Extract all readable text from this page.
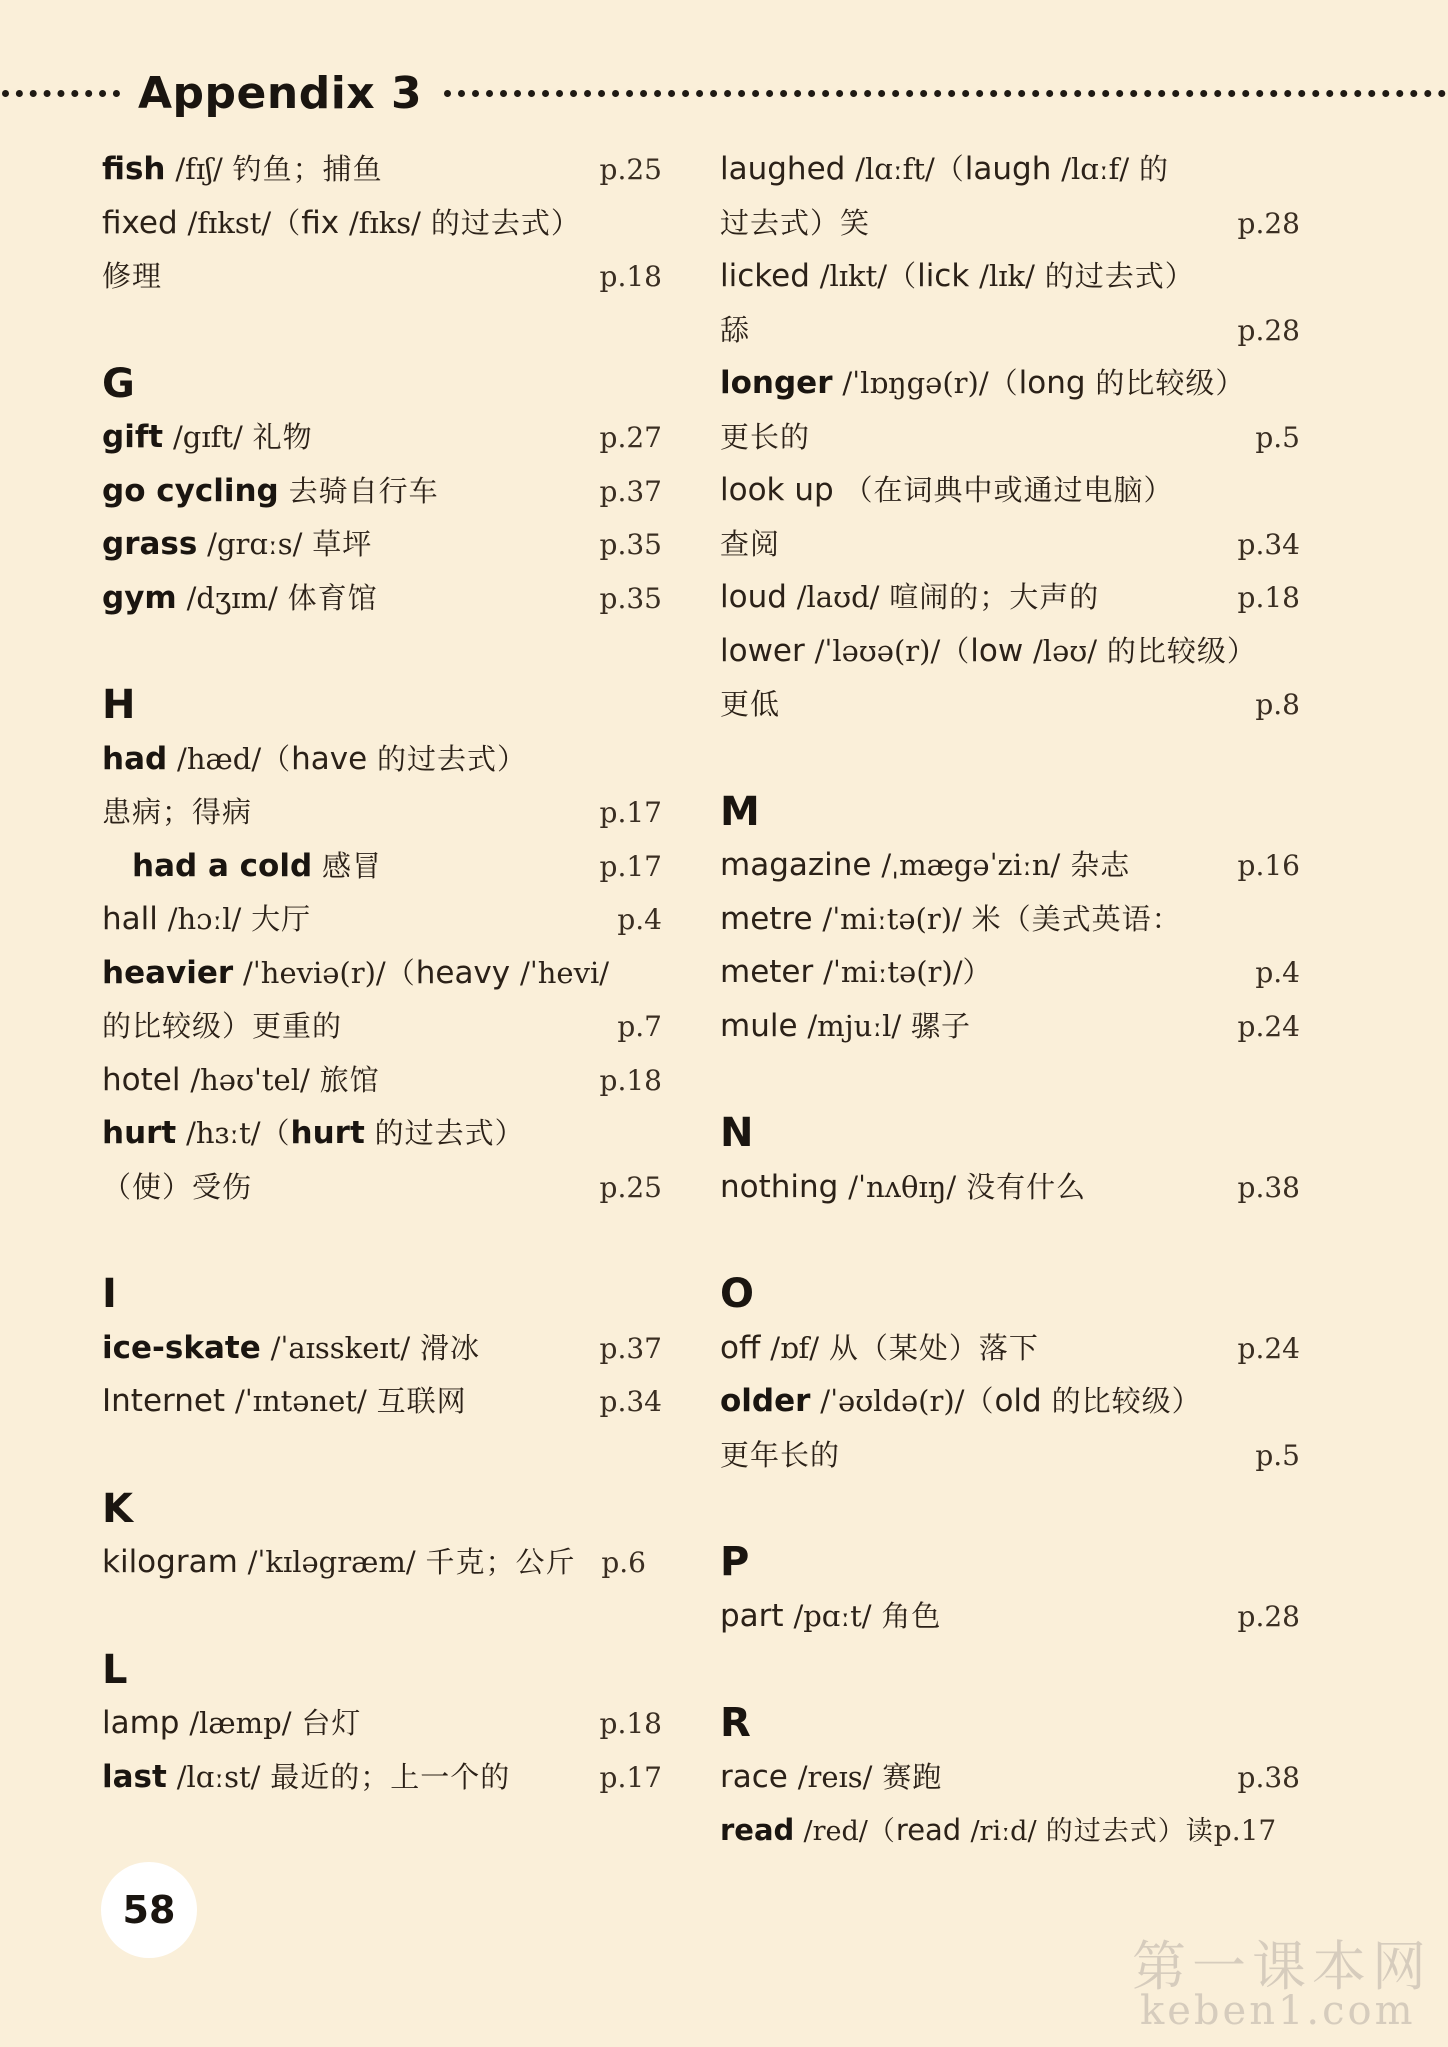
Appendix 3
fish /fɪʃ/ 钓鱼；捕鱼	p.25
fixed /fɪkst/（fix /fɪks/ 的过去式）
修理	p.18
G
gift /gɪft/ 礼物	p.27
go cycling 去骑自行车	p.37
grass /grɑːs/ 草坪	p.35
gym /dʒɪm/ 体育馆	p.35
H
had /hæd/（have 的过去式）
患病；得病	p.17
had a cold 感冒	p.17
hall /hɔːl/ 大厅	p.4
heavier /ˈheviə(r)/（heavy /ˈhevi/
的比较级）更重的	p.7
hotel /həʊˈtel/ 旅馆	p.18
hurt /hɜːt/（hurt 的过去式）
（使）受伤	p.25
I
ice-skate /ˈaɪsskeɪt/ 滑冰	p.37
Internet /ˈɪntənet/ 互联网	p.34
K
kilogram /ˈkɪləgræm/ 千克；公斤 p.6
L
lamp /læmp/ 台灯	p.18
last /lɑːst/ 最近的；上一个的	p.17
laughed /lɑːft/（laugh /lɑːf/ 的
过去式）笑	p.28
licked /lɪkt/（lick /lɪk/ 的过去式）
舔	p.28
longer /ˈlɒŋgə(r)/（long 的比较级）
更长的	p.5
look up （在词典中或通过电脑）
查阅	p.34
loud /laʊd/ 喧闹的；大声的	p.18
lower /ˈləʊə(r)/（low /ləʊ/ 的比较级）
更低	p.8
M
magazine /ˌmægəˈziːn/ 杂志	p.16
metre /ˈmiːtə(r)/ 米（美式英语：
meter /ˈmiːtə(r)/）	p.4
mule /mjuːl/ 骡子	p.24
N
nothing /ˈnʌθɪŋ/ 没有什么	p.38
O
off /ɒf/ 从（某处）落下	p.24
older /ˈəʊldə(r)/（old 的比较级）
更年长的	p.5
P
part /pɑːt/ 角色	p.28
R
race /reɪs/ 赛跑	p.38
read /red/（read /riːd/ 的过去式）读p.17
58
第一课本网
keben1.com
